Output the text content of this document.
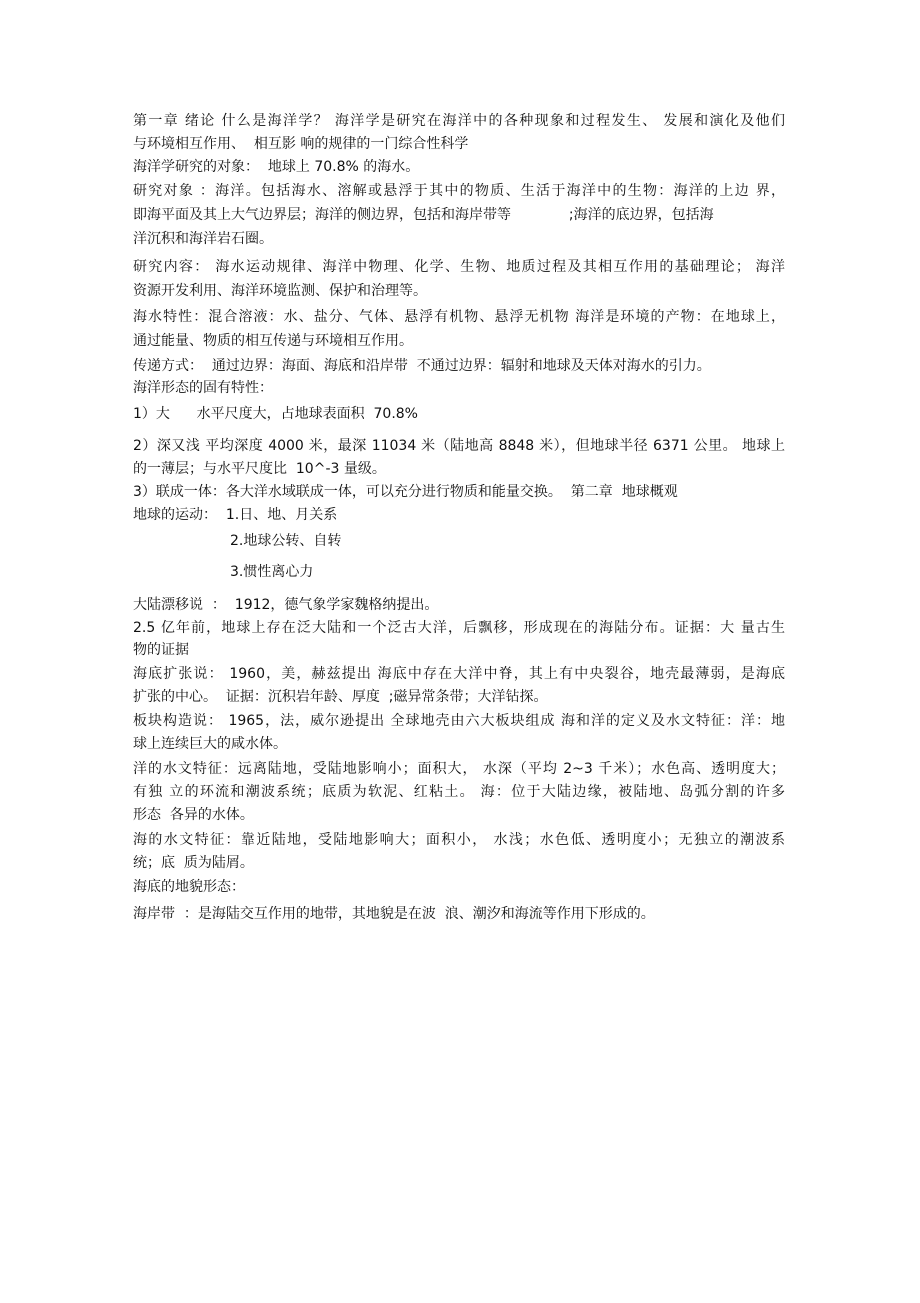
第一章 绪论 什么是海洋学？ 海洋学是研究在海洋中的各种现象和过程发生、 发展和演化及他们
与环境相互作用、  相互影 响的规律的一门综合性科学
海洋学研究的对象：  地球上 70.8% 的海水。
研究对象 ：海洋。包括海水、溶解或悬浮于其中的物质、生活于海洋中的生物：海洋的上边 界，
即海平面及其上大气边界层；海洋的侧边界，包括和海岸带等             ;海洋的底边界，包括海
洋沉积和海洋岩石圈。
研究内容： 海水运动规律、海洋中物理、化学、生物、地质过程及其相互作用的基础理论； 海洋
资源开发利用、海洋环境监测、保护和治理等。
海水特性：混合溶液：水、盐分、气体、悬浮有机物、悬浮无机物 海洋是环境的产物：在地球上，
通过能量、物质的相互传递与环境相互作用。
传递方式：  通过边界：海面、海底和沿岸带  不通过边界：辐射和地球及天体对海水的引力。
海洋形态的固有特性：
1）大      水平尺度大，占地球表面积  70.8%
2）深又浅 平均深度 4000 米，最深 11034 米（陆地高 8848 米），但地球半径 6371 公里。 地球上
的一薄层；与水平尺度比  10^-3 量级。
3）联成一体：各大洋水域联成一体，可以充分进行物质和能量交换。  第二章  地球概观
地球的运动：  1.日、地、月关系
2.地球公转、自转
3.惯性离心力
大陆漂移说  ：  1912，德气象学家魏格纳提出。
2.5 亿年前，地球上存在泛大陆和一个泛古大洋，后飘移，形成现在的海陆分布。证据：大 量古生
物的证据
海底扩张说： 1960，美，赫兹提出 海底中存在大洋中脊，其上有中央裂谷，地壳最薄弱，是海底
扩张的中心。  证据：沉积岩年龄、厚度  ;磁异常条带；大洋钻探。
板块构造说： 1965，法，威尔逊提出 全球地壳由六大板块组成 海和洋的定义及水文特征：洋：地
球上连续巨大的咸水体。
洋的水文特征：远离陆地，受陆地影响小；面积大， 水深（平均 2~3 千米）；水色高、透明度大；
有独 立的环流和潮波系统；底质为软泥、红粘土。 海：位于大陆边缘，被陆地、岛弧分割的许多
形态  各异的水体。
海的水文特征：靠近陆地，受陆地影响大；面积小， 水浅；水色低、透明度小；无独立的潮波系
统；底  质为陆屑。
海底的地貌形态：
海岸带  ：是海陆交互作用的地带，其地貌是在波  浪、潮汐和海流等作用下形成的。
